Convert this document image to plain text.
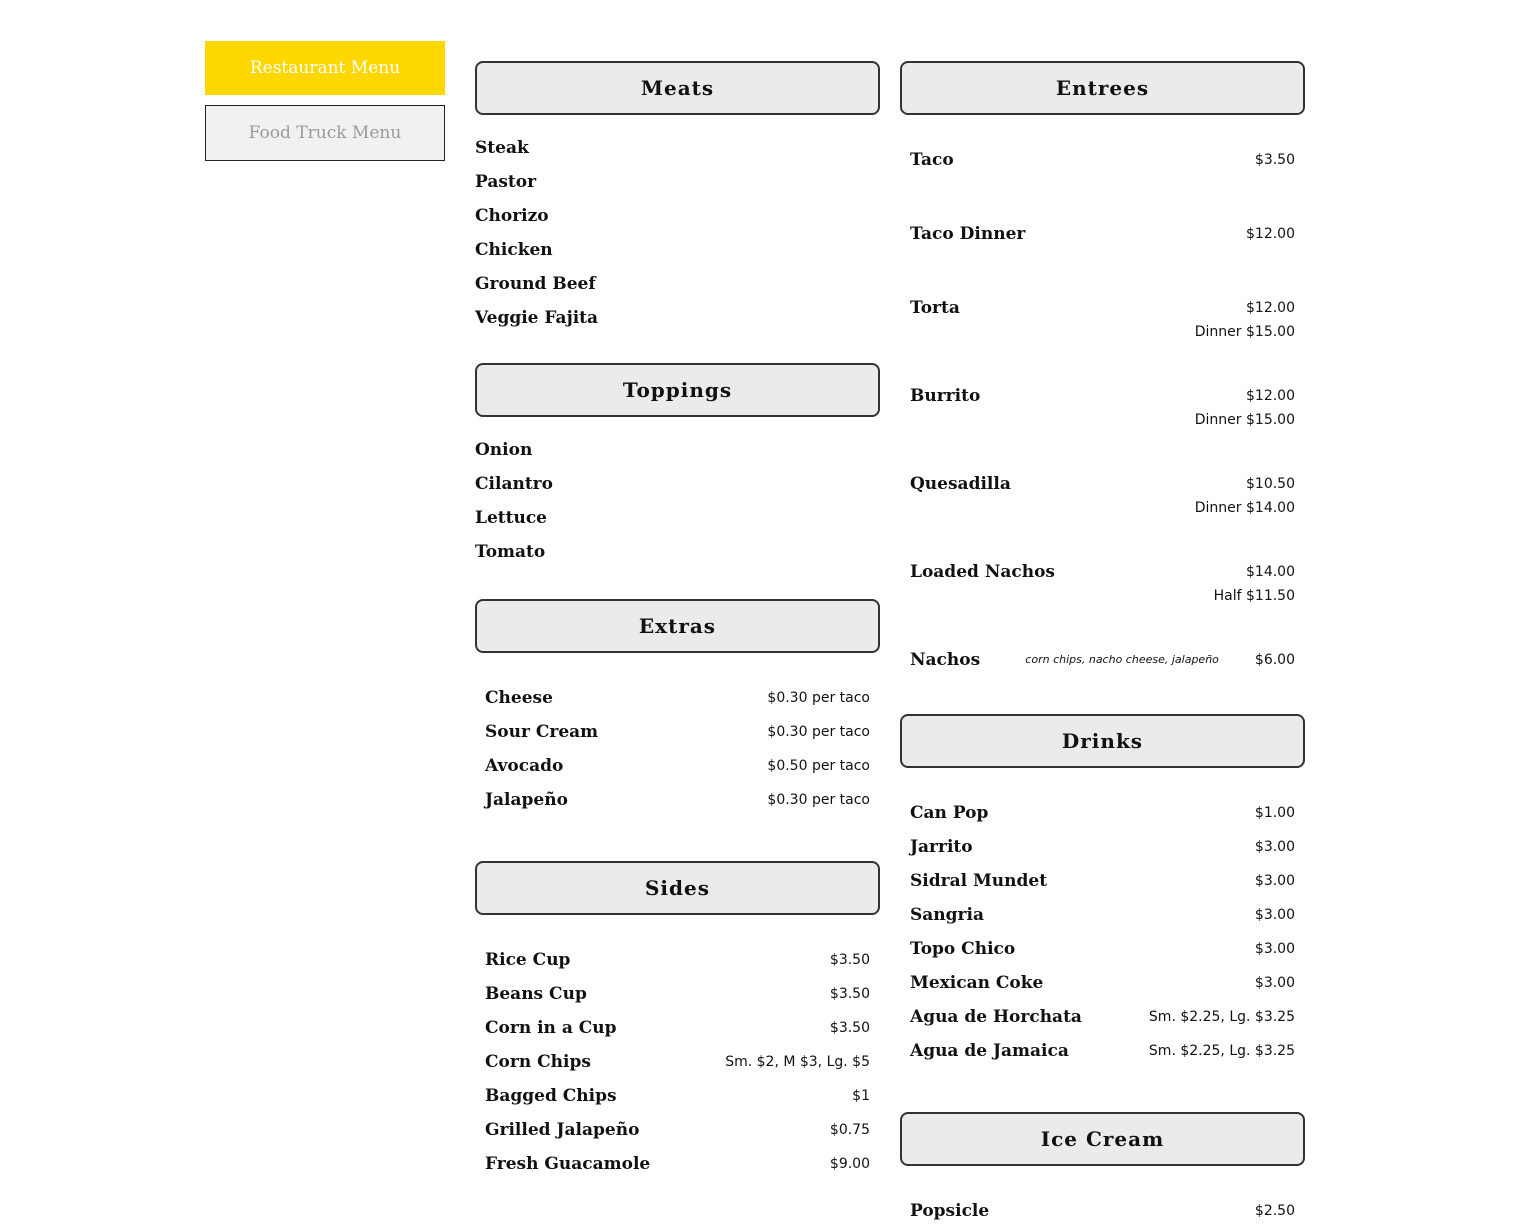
Restaurant Menu
Food Truck Menu
Meats
Steak
Pastor
Chorizo
Chicken
Ground Beef
Veggie Fajita
Toppings
Onion
Cilantro
Lettuce
Tomato
Extras
Cheese	$0.30 per taco
Sour Cream	$0.30 per taco
Avocado	$0.50 per taco
Jalapeño	$0.30 per taco
Sides
Rice Cup	$3.50
Beans Cup	$3.50
Corn in a Cup	$3.50
Corn Chips	Sm. $2, M $3, Lg. $5
Bagged Chips	$1
Grilled Jalapeño	$0.75
Fresh Guacamole	$9.00
Entrees
Taco	$3.50
Taco Dinner	$12.00
Torta	$12.00
Dinner $15.00
Burrito	$12.00
Dinner $15.00
Quesadilla	$10.50
Dinner $14.00
Loaded Nachos	$14.00
Half $11.50
Nachos	corn chips, nacho cheese, jalapeño	$6.00
Drinks
Can Pop	$1.00
Jarrito	$3.00
Sidral Mundet	$3.00
Sangria	$3.00
Topo Chico	$3.00
Mexican Coke	$3.00
Agua de Horchata	Sm. $2.25, Lg. $3.25
Agua de Jamaica	Sm. $2.25, Lg. $3.25
Ice Cream
Popsicle	$2.50
